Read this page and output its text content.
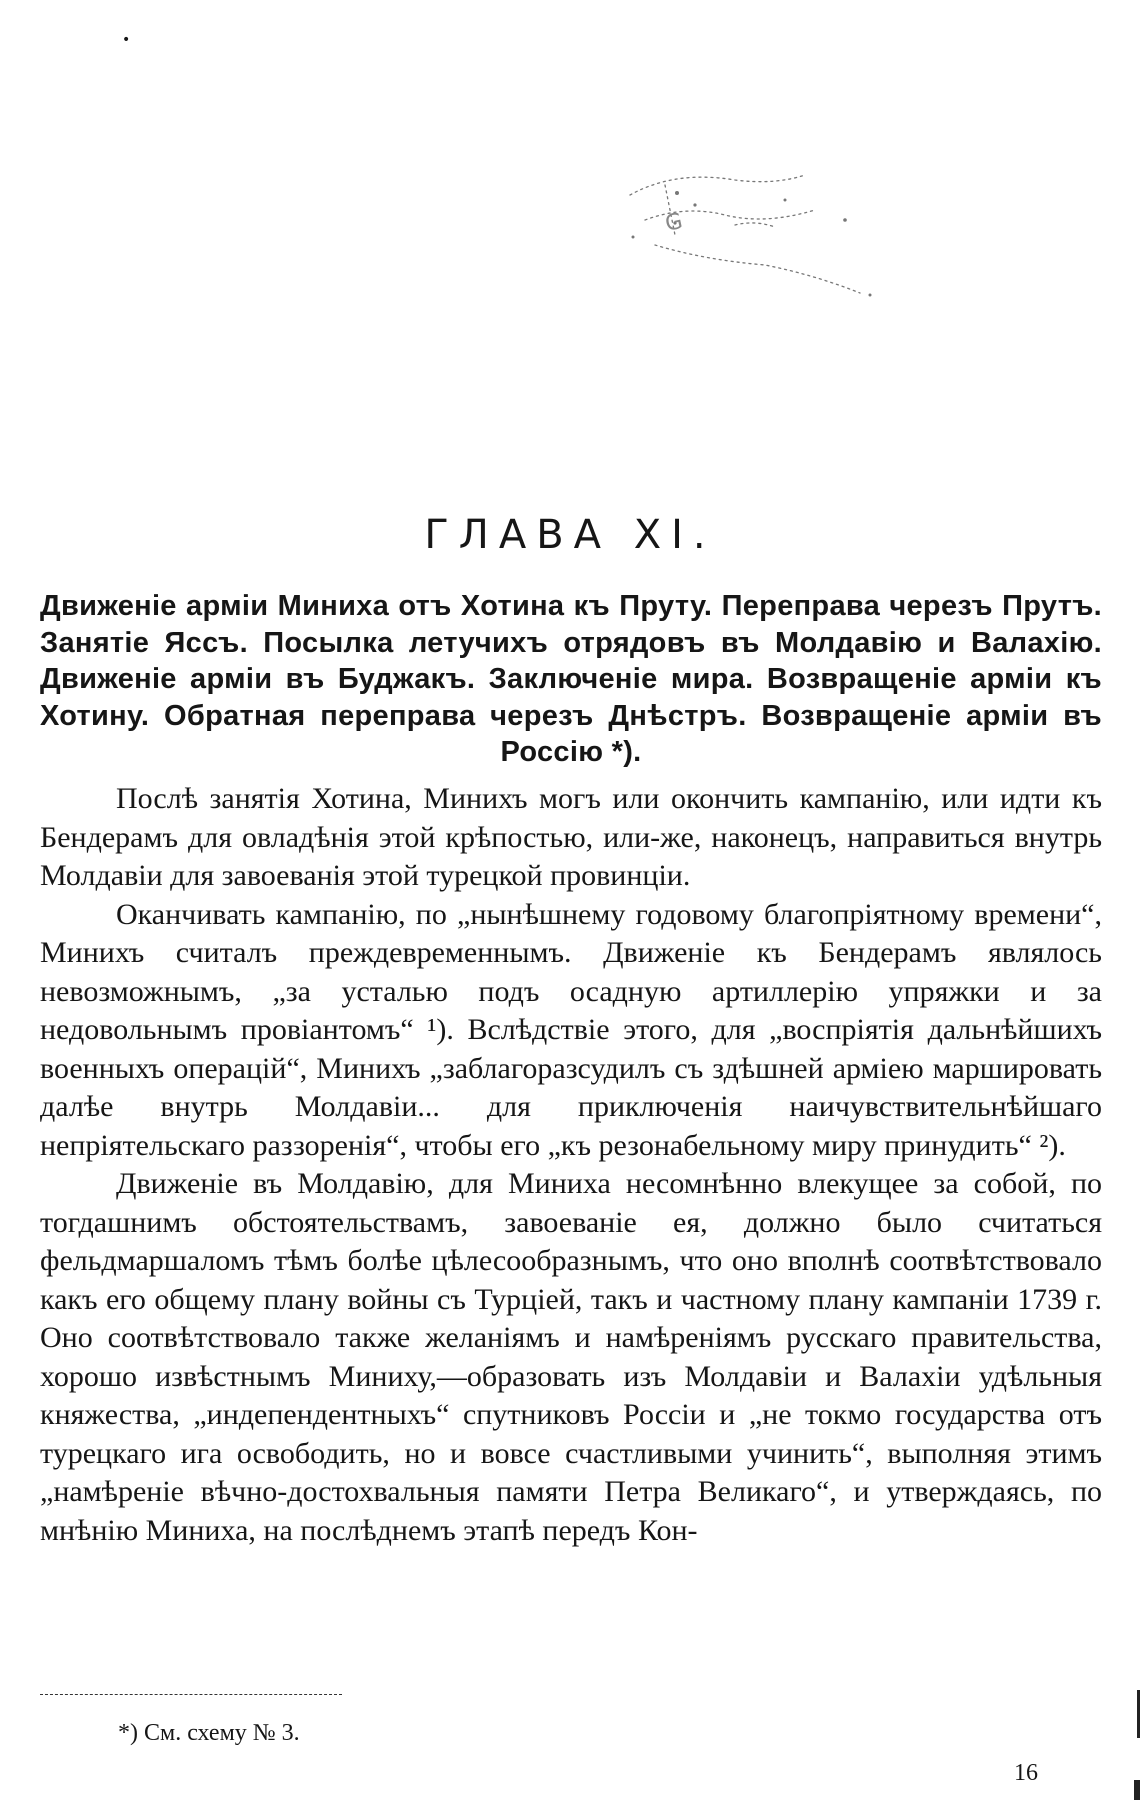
•
G
ГЛАВА XI.
Движеніе арміи Миниха отъ Хотина къ Пруту. Переправа черезъ Прутъ. Занятіе Яссъ. Посылка летучихъ отрядовъ въ Молдавію и Валахію. Движеніе арміи въ Буджакъ. Заключеніе мира. Возвращеніе арміи къ Хотину. Обратная переправа черезъ Днѣстръ. Возвращеніе арміи въ Россію *).

Послѣ занятія Хотина, Минихъ могъ или окончить кампанію, или идти къ Бендерамъ для овладѣнія этой крѣпостью, или-же, наконецъ, направиться внутрь Молдавіи для завоеванія этой турецкой провинціи.

Оканчивать кампанію, по „нынѣшнему годовому благопріятному времени“, Минихъ считалъ преждевременнымъ. Движеніе къ Бендерамъ являлось невозможнымъ, „за усталью подъ осадную артиллерію упряжки и за недовольнымъ провіантомъ“ ¹). Вслѣдствіе этого, для „воспріятія дальнѣйшихъ военныхъ операцій“, Минихъ „заблагоразсудилъ съ здѣшней арміею маршировать далѣе внутрь Молдавіи... для приключенія наичувствительнѣйшаго непріятельскаго раззоренія“, чтобы его „къ резонабельному миру принудить“ ²).

Движеніе въ Молдавію, для Миниха несомнѣнно влекущее за собой, по тогдашнимъ обстоятельствамъ, завоеваніе ея, должно было считаться фельдмаршаломъ тѣмъ болѣе цѣлесообразнымъ, что оно вполнѣ соотвѣтствовало какъ его общему плану войны съ Турціей, такъ и частному плану кампаніи 1739 г. Оно соотвѣтствовало также желаніямъ и намѣреніямъ русскаго правительства, хорошо извѣстнымъ Миниху,—образовать изъ Молдавіи и Валахіи удѣльныя княжества, „индепендентныхъ“ спутниковъ Россіи и „не токмо государства отъ турецкаго ига освободить, но и вовсе счастливыми учинить“, выполняя этимъ „намѣреніе вѣчно-достохвальныя памяти Петра Великаго“, и утверждаясь, по мнѣнію Миниха, на послѣднемъ этапѣ передъ Кон-

*) См. схему № 3.
16
